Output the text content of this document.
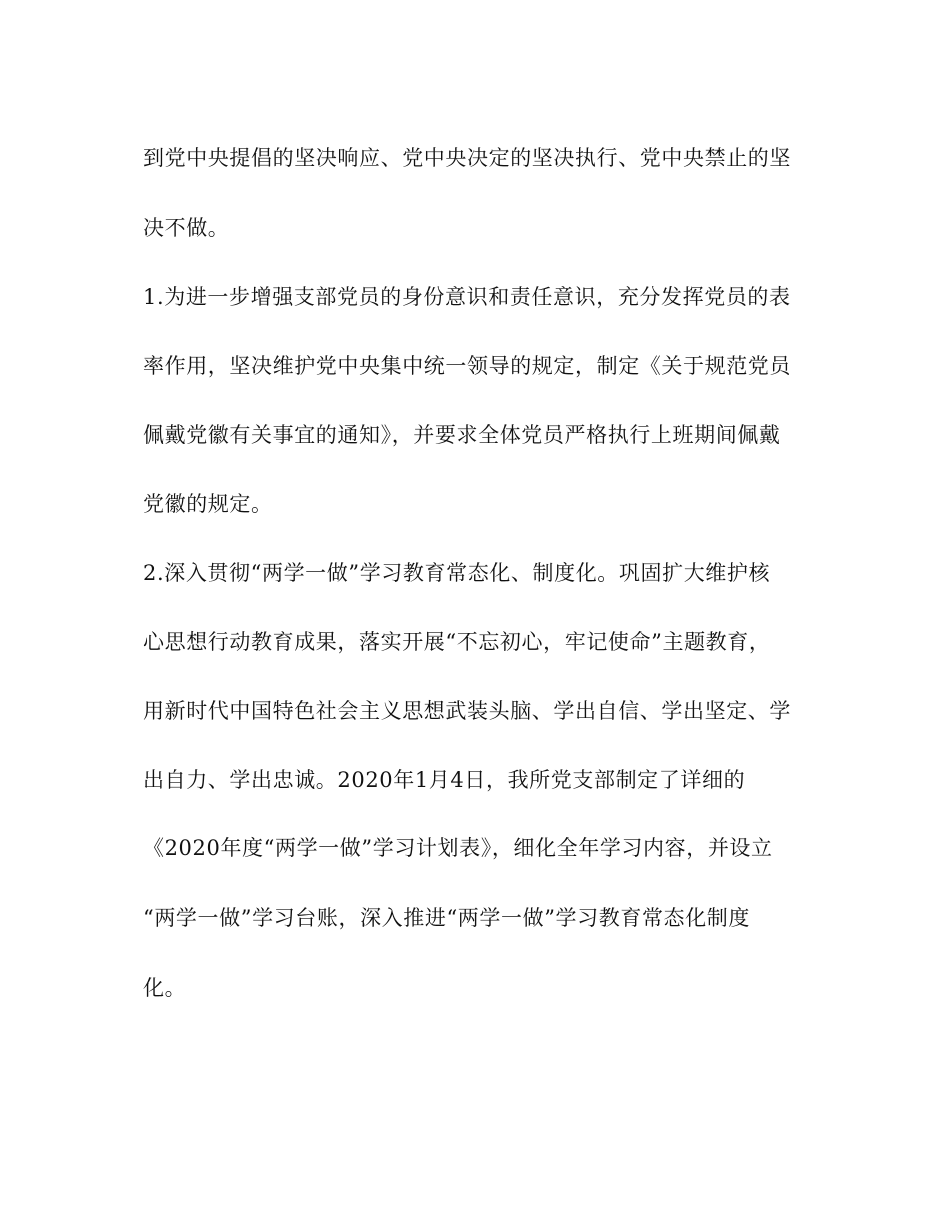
到党中央提倡的坚决响应、党中央决定的坚决执行、党中央禁止的坚
决不做。
1.为进一步增强支部党员的身份意识和责任意识，充分发挥党员的表
率作用，坚决维护党中央集中统一领导的规定，制定《关于规范党员
佩戴党徽有关事宜的通知》，并要求全体党员严格执行上班期间佩戴
党徽的规定。
2.深入贯彻“两学一做”学习教育常态化、制度化。巩固扩大维护核
心思想行动教育成果，落实开展“不忘初心，牢记使命”主题教育，
用新时代中国特色社会主义思想武装头脑、学出自信、学出坚定、学
出自力、学出忠诚。2020年1月4日，我所党支部制定了详细的
《2020年度“两学一做”学习计划表》，细化全年学习内容，并设立
“两学一做”学习台账，深入推进“两学一做”学习教育常态化制度
化。
